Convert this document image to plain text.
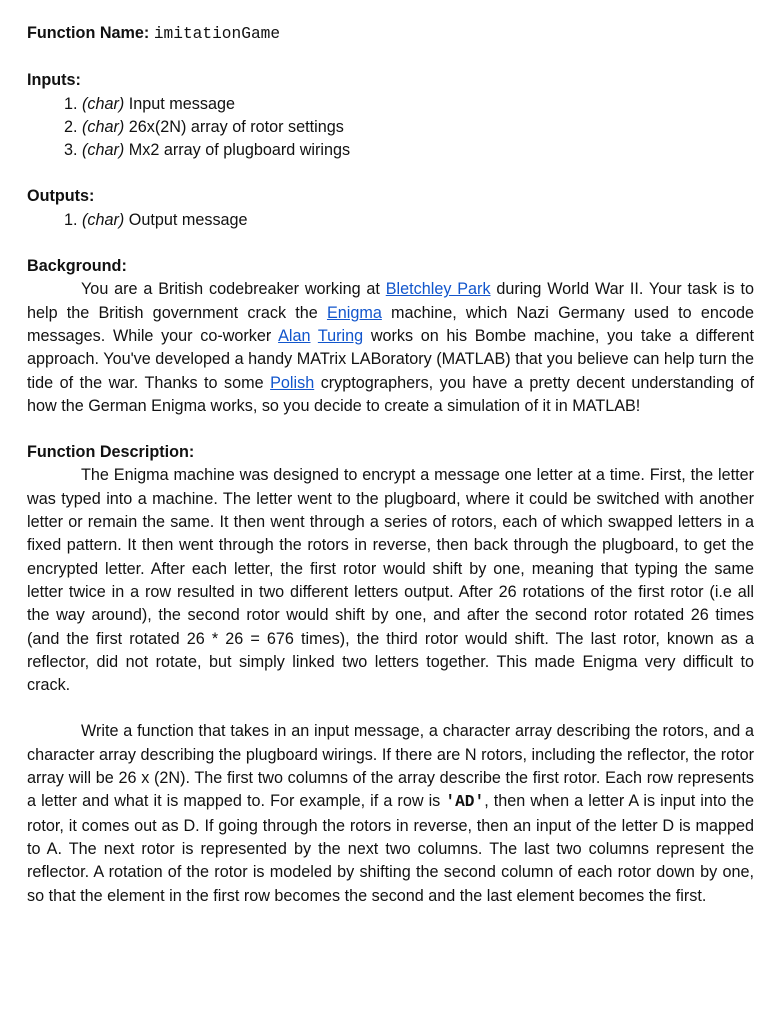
Function Name: imitationGame
Inputs:
1. (char) Input message
2. (char) 26x(2N) array of rotor settings
3. (char) Mx2 array of plugboard wirings
Outputs:
1. (char) Output message
Background:

You are a British codebreaker working at Bletchley Park during World War II. Your task is to help the British government crack the Enigma machine, which Nazi Germany used to encode messages. While your co-worker Alan Turing works on his Bombe machine, you take a different approach. You've developed a handy MATrix LABoratory (MATLAB) that you believe can help turn the tide of the war. Thanks to some Polish cryptographers, you have a pretty decent understanding of how the German Enigma works, so you decide to create a simulation of it in MATLAB!

Function Description:

The Enigma machine was designed to encrypt a message one letter at a time. First, the letter was typed into a machine. The letter went to the plugboard, where it could be switched with another letter or remain the same. It then went through a series of rotors, each of which swapped letters in a fixed pattern. It then went through the rotors in reverse, then back through the plugboard, to get the encrypted letter. After each letter, the first rotor would shift by one, meaning that typing the same letter twice in a row resulted in two different letters output. After 26 rotations of the first rotor (i.e all the way around), the second rotor would shift by one, and after the second rotor rotated 26 times (and the first rotated 26 * 26 = 676 times), the third rotor would shift. The last rotor, known as a reflector, did not rotate, but simply linked two letters together. This made Enigma very difficult to crack.

Write a function that takes in an input message, a character array describing the rotors, and a character array describing the plugboard wirings. If there are N rotors, including the reflector, the rotor array will be 26 x (2N). The first two columns of the array describe the first rotor. Each row represents a letter and what it is mapped to. For example, if a row is 'AD', then when a letter A is input into the rotor, it comes out as D. If going through the rotors in reverse, then an input of the letter D is mapped to A. The next rotor is represented by the next two columns. The last two columns represent the reflector. A rotation of the rotor is modeled by shifting the second column of each rotor down by one, so that the element in the first row becomes the second and the last element becomes the first.
